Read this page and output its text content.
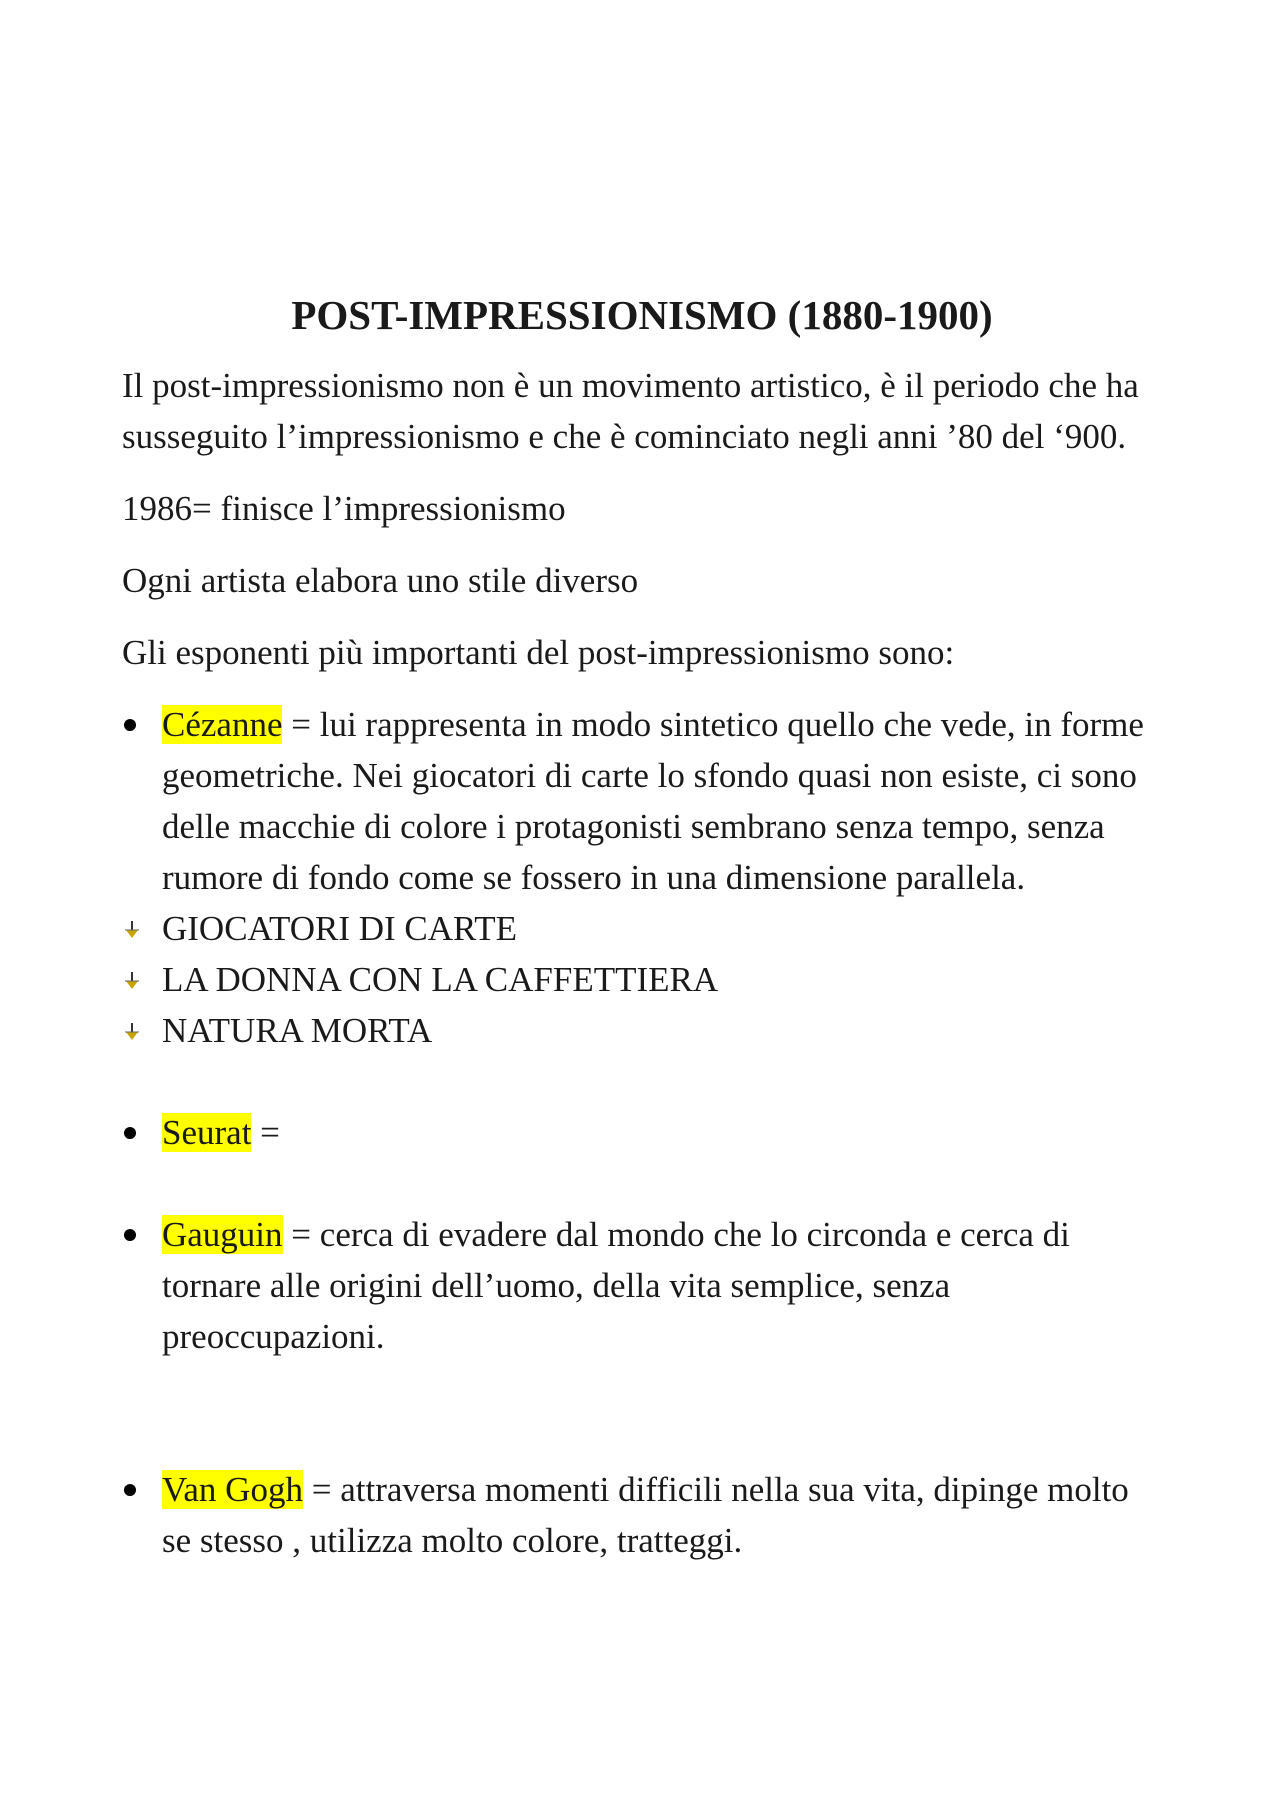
POST-IMPRESSIONISMO (1880-1900)

Il post-impressionismo non è un movimento artistico, è il periodo che ha susseguito l’impressionismo e che è cominciato negli anni ’80 del ‘900.

1986= finisce l’impressionismo

Ogni artista elabora uno stile diverso

Gli esponenti più importanti del post-impressionismo sono:

Cézanne = lui rappresenta in modo sintetico quello che vede, in forme geometriche. Nei giocatori di carte lo sfondo quasi non esiste, ci sono delle macchie di colore i protagonisti sembrano senza tempo, senza rumore di fondo come se fossero in una dimensione parallela.
GIOCATORI DI CARTE
LA DONNA CON LA CAFFETTIERA
NATURA MORTA
Seurat =
Gauguin = cerca di evadere dal mondo che lo circonda e cerca di tornare alle origini dell’uomo, della vita semplice, senza preoccupazioni.
Van Gogh = attraversa momenti difficili nella sua vita, dipinge molto se stesso , utilizza molto colore, tratteggi.
